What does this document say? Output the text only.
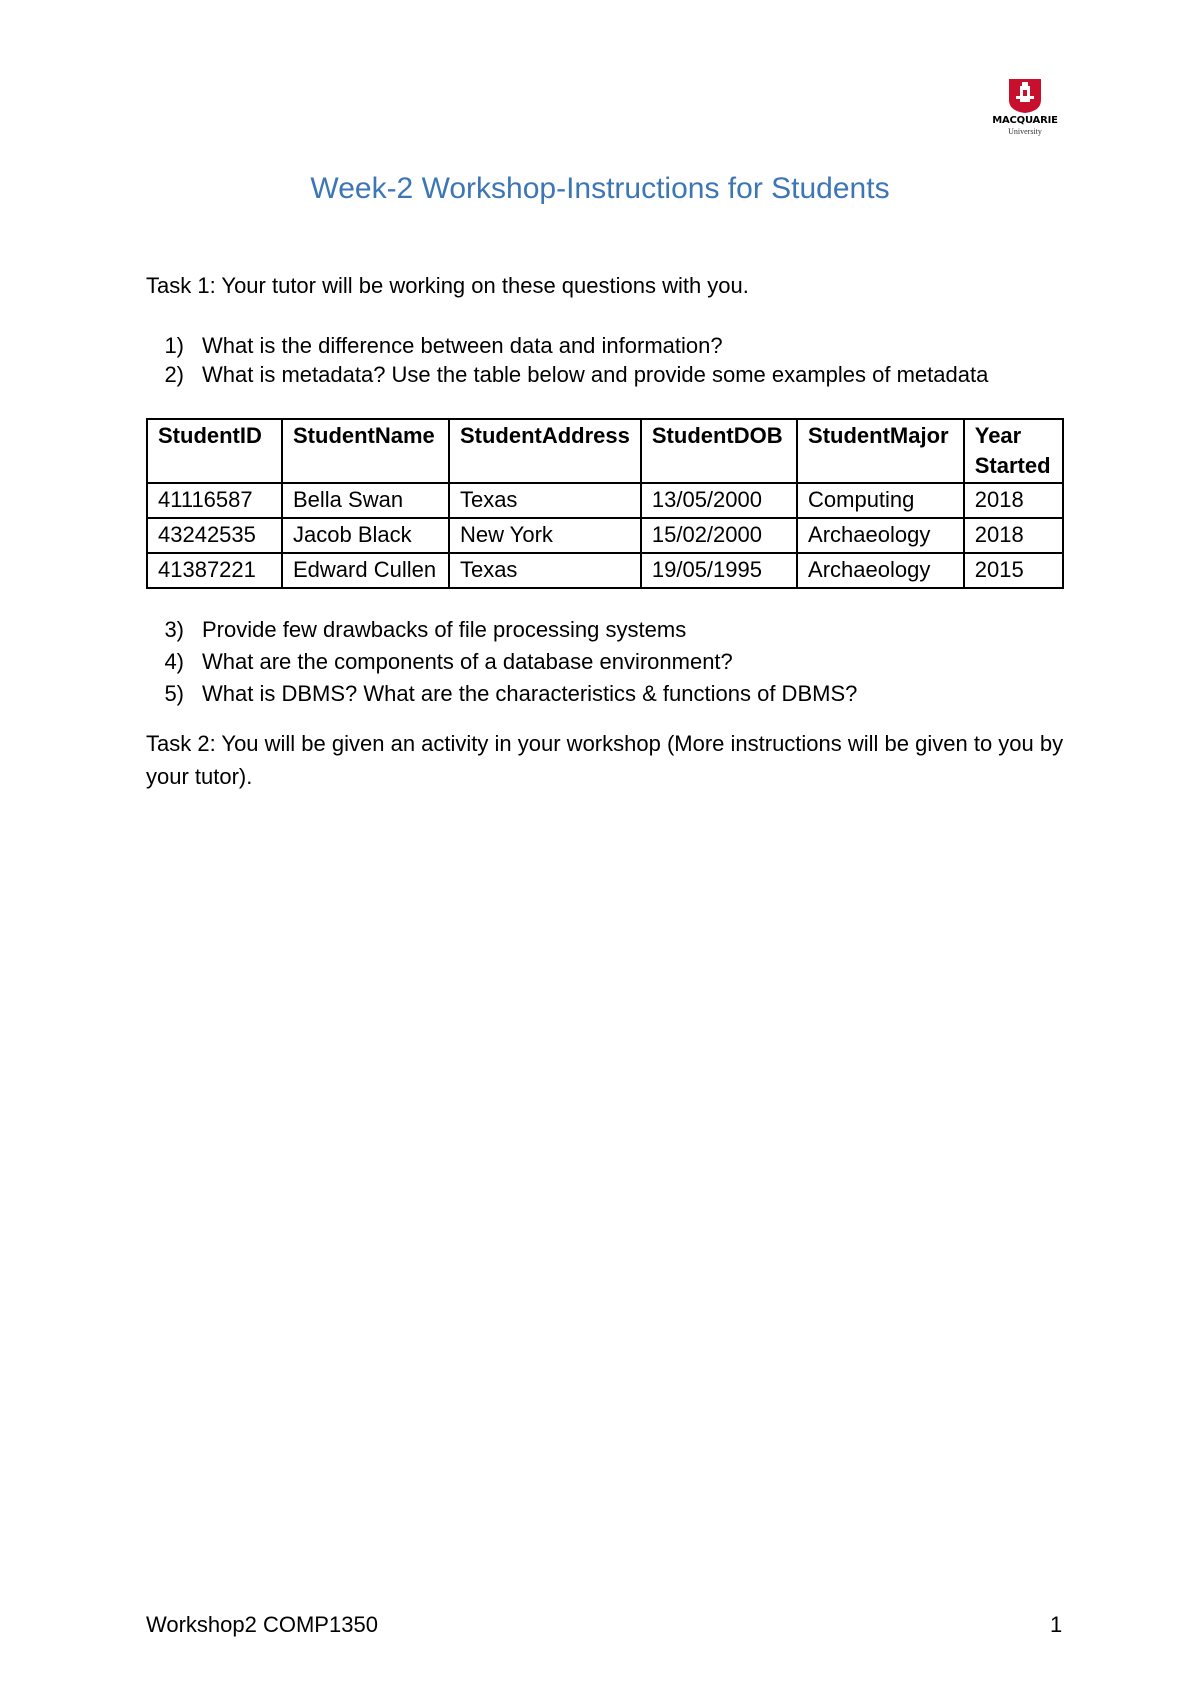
MACQUARIE
University
Week-2 Workshop-Instructions for Students
Task 1: Your tutor will be working on these questions with you.
1) What is the difference between data and information?
2) What is metadata? Use the table below and provide some examples of metadata
StudentID	StudentName	StudentAddress	StudentDOB	StudentMajor	Year Started
41116587	Bella Swan	Texas	13/05/2000	Computing	2018
43242535	Jacob Black	New York	15/02/2000	Archaeology	2018
41387221	Edward Cullen	Texas	19/05/1995	Archaeology	2015
3) Provide few drawbacks of file processing systems
4) What are the components of a database environment?
5) What is DBMS? What are the characteristics & functions of DBMS?
Task 2: You will be given an activity in your workshop (More instructions will be given to you by your tutor).
Workshop2 COMP1350	1
